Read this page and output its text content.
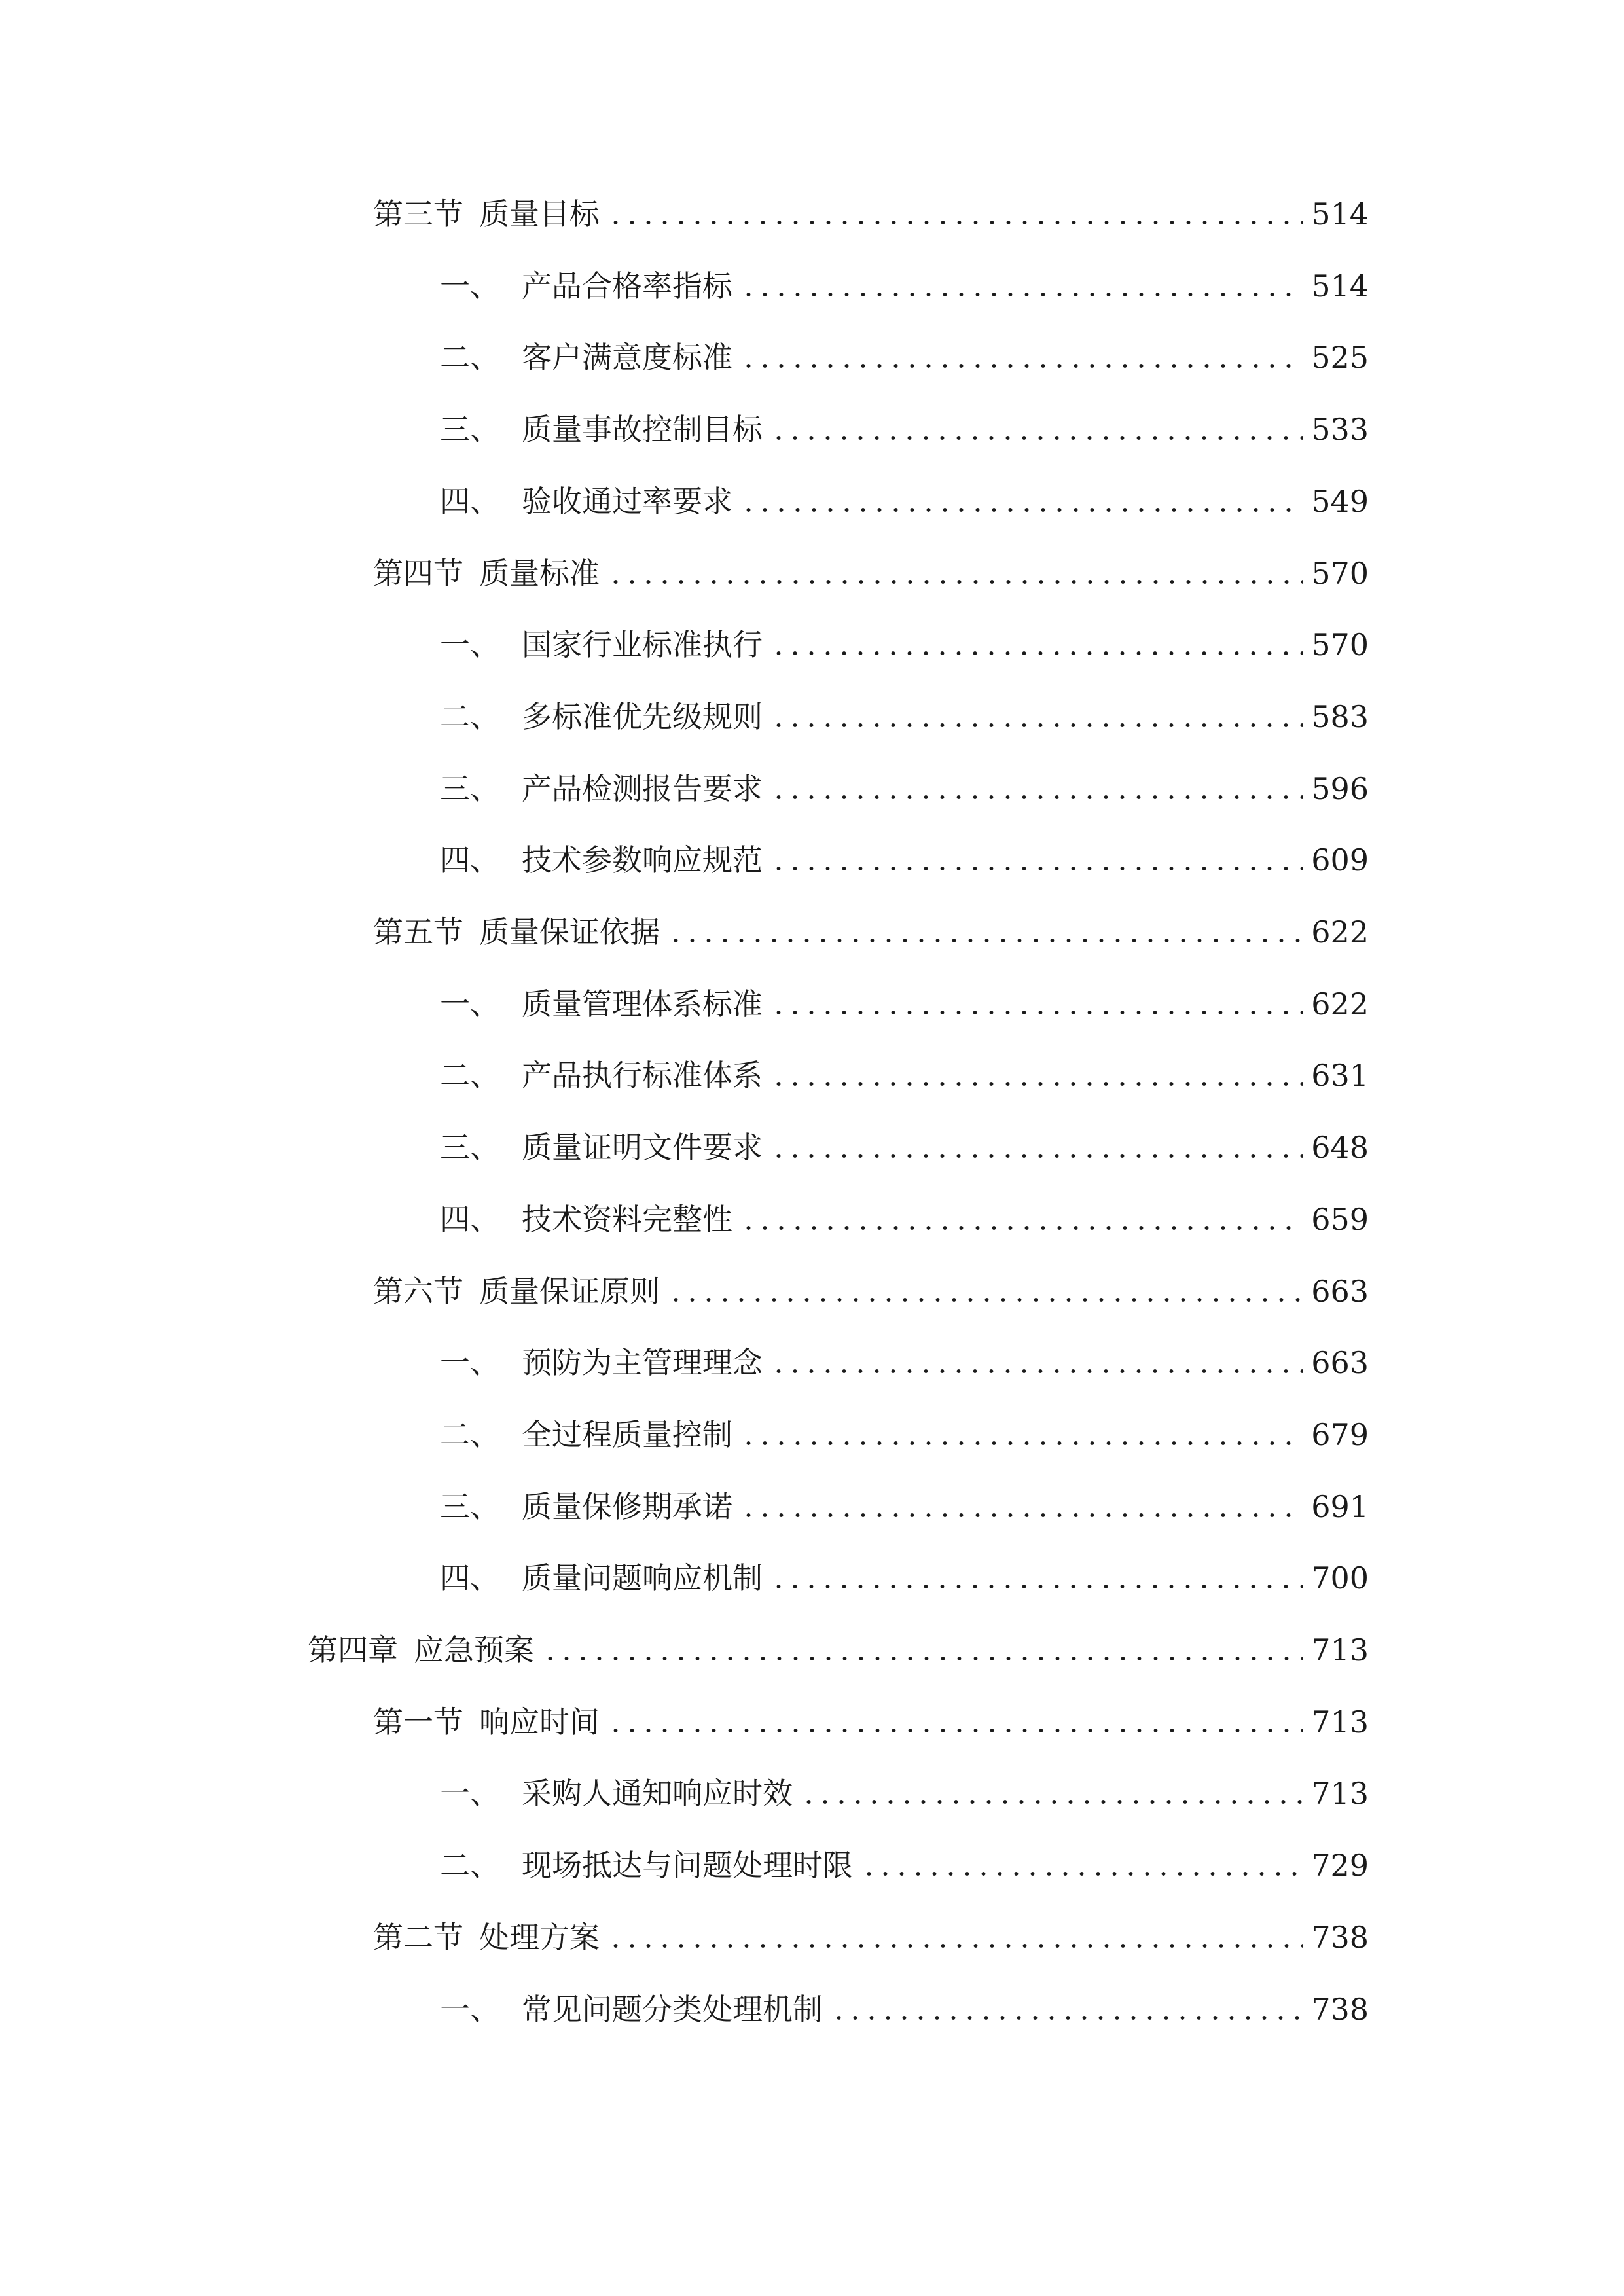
第三节 质量目标	514
一、 产品合格率指标	514
二、 客户满意度标准	525
三、 质量事故控制目标	533
四、 验收通过率要求	549
第四节 质量标准	570
一、 国家行业标准执行	570
二、 多标准优先级规则	583
三、 产品检测报告要求	596
四、 技术参数响应规范	609
第五节 质量保证依据	622
一、 质量管理体系标准	622
二、 产品执行标准体系	631
三、 质量证明文件要求	648
四、 技术资料完整性	659
第六节 质量保证原则	663
一、 预防为主管理理念	663
二、 全过程质量控制	679
三、 质量保修期承诺	691
四、 质量问题响应机制	700
第四章 应急预案	713
第一节 响应时间	713
一、 采购人通知响应时效	713
二、 现场抵达与问题处理时限	729
第二节 处理方案	738
一、 常见问题分类处理机制	738
